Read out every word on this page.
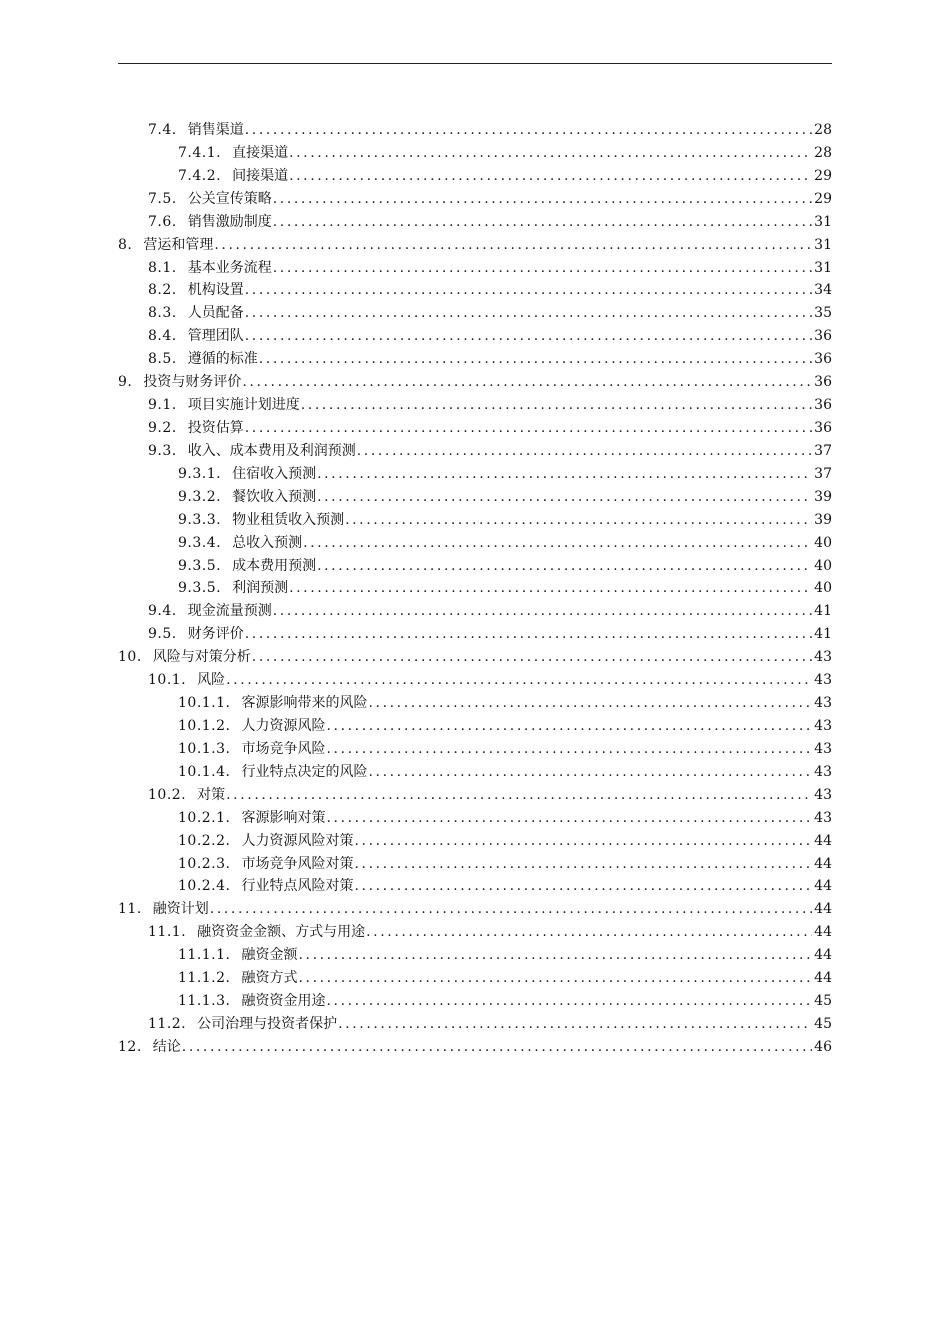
7.4. 销售渠道 .....	28
7.4.1. 直接渠道 .....	28
7.4.2. 间接渠道 .....	29
7.5. 公关宣传策略 .....	29
7.6. 销售激励制度 .....	31
8. 营运和管理 .....	31
8.1. 基本业务流程 .....	31
8.2. 机构设置 .....	34
8.3. 人员配备 .....	35
8.4. 管理团队 .....	36
8.5. 遵循的标准 .....	36
9. 投资与财务评价 .....	36
9.1. 项目实施计划进度 .....	36
9.2. 投资估算 .....	36
9.3. 收入、成本费用及利润预测 .....	37
9.3.1. 住宿收入预测 .....	37
9.3.2. 餐饮收入预测 .....	39
9.3.3. 物业租赁收入预测 .....	39
9.3.4. 总收入预测 .....	40
9.3.5. 成本费用预测 .....	40
9.3.5. 利润预测 .....	40
9.4. 现金流量预测 .....	41
9.5. 财务评价 .....	41
10. 风险与对策分析 .....	43
10.1. 风险 .....	43
10.1.1. 客源影响带来的风险 .....	43
10.1.2. 人力资源风险 .....	43
10.1.3. 市场竞争风险 .....	43
10.1.4. 行业特点决定的风险 .....	43
10.2. 对策 .....	43
10.2.1. 客源影响对策 .....	43
10.2.2. 人力资源风险对策 .....	44
10.2.3. 市场竞争风险对策 .....	44
10.2.4. 行业特点风险对策 .....	44
11. 融资计划 .....	44
11.1. 融资资金金额、方式与用途 .....	44
11.1.1. 融资金额 .....	44
11.1.2. 融资方式 .....	44
11.1.3. 融资资金用途 .....	45
11.2. 公司治理与投资者保护 .....	45
12. 结论 .....	46
